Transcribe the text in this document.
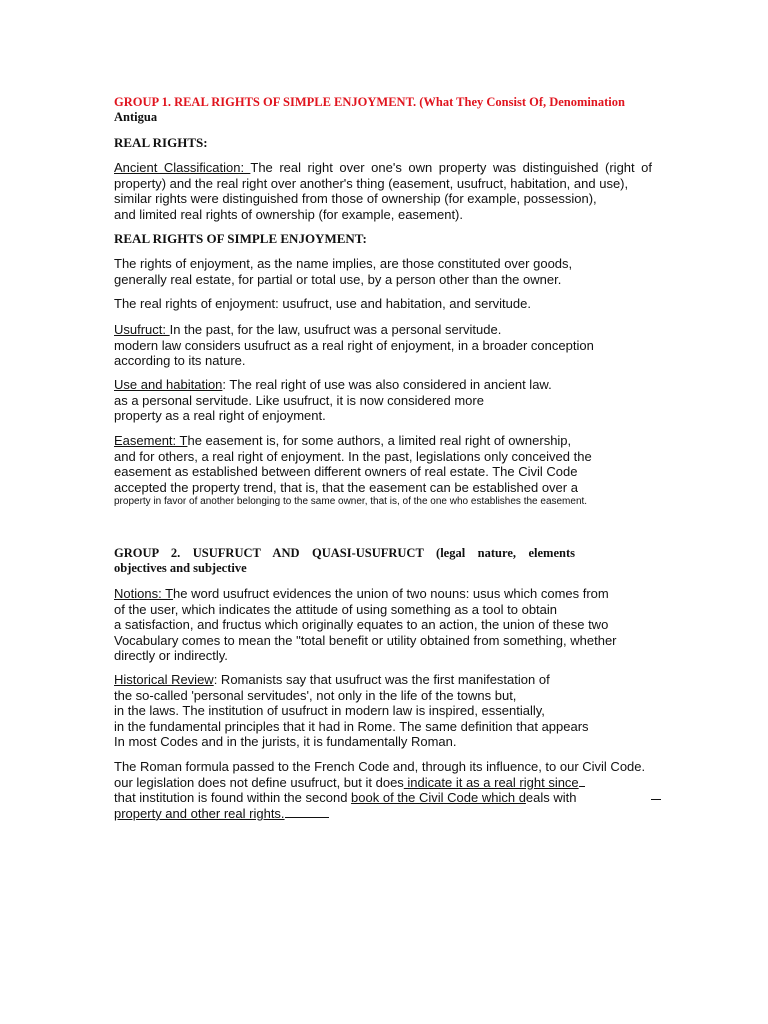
GROUP 1. REAL RIGHTS OF SIMPLE ENJOYMENT. (What They Consist Of, Denomination
Antigua
REAL RIGHTS:
Ancient Classification: The real right over one's own property was distinguished (right of
property) and the real right over another's thing (easement, usufruct, habitation, and use),
similar rights were distinguished from those of ownership (for example, possession),
and limited real rights of ownership (for example, easement).
REAL RIGHTS OF SIMPLE ENJOYMENT:
The rights of enjoyment, as the name implies, are those constituted over goods,
generally real estate, for partial or total use, by a person other than the owner.
The real rights of enjoyment: usufruct, use and habitation, and servitude.
Usufruct: In the past, for the law, usufruct was a personal servitude.
modern law considers usufruct as a real right of enjoyment, in a broader conception
according to its nature.
Use and habitation: The real right of use was also considered in ancient law.
as a personal servitude. Like usufruct, it is now considered more
property as a real right of enjoyment.
Easement: The easement is, for some authors, a limited real right of ownership,
and for others, a real right of enjoyment. In the past, legislations only conceived the
easement as established between different owners of real estate. The Civil Code
accepted the property trend, that is, that the easement can be established over a
property in favor of another belonging to the same owner, that is, of the one who establishes the easement.
GROUP 2. USUFRUCT AND QUASI-USUFRUCT (legal nature, elements
objectives and subjective
Notions: The word usufruct evidences the union of two nouns: usus which comes from
of the user, which indicates the attitude of using something as a tool to obtain
a satisfaction, and fructus which originally equates to an action, the union of these two
Vocabulary comes to mean the "total benefit or utility obtained from something, whether
directly or indirectly.
Historical Review: Romanists say that usufruct was the first manifestation of
the so-called 'personal servitudes', not only in the life of the towns but,
in the laws. The institution of usufruct in modern law is inspired, essentially,
in the fundamental principles that it had in Rome. The same definition that appears
In most Codes and in the jurists, it is fundamentally Roman.
The Roman formula passed to the French Code and, through its influence, to our Civil Code.
our legislation does not define usufruct, but it does indicate it as a real right since
that institution is found within the second book of the Civil Code which deals with
property and other real rights.
